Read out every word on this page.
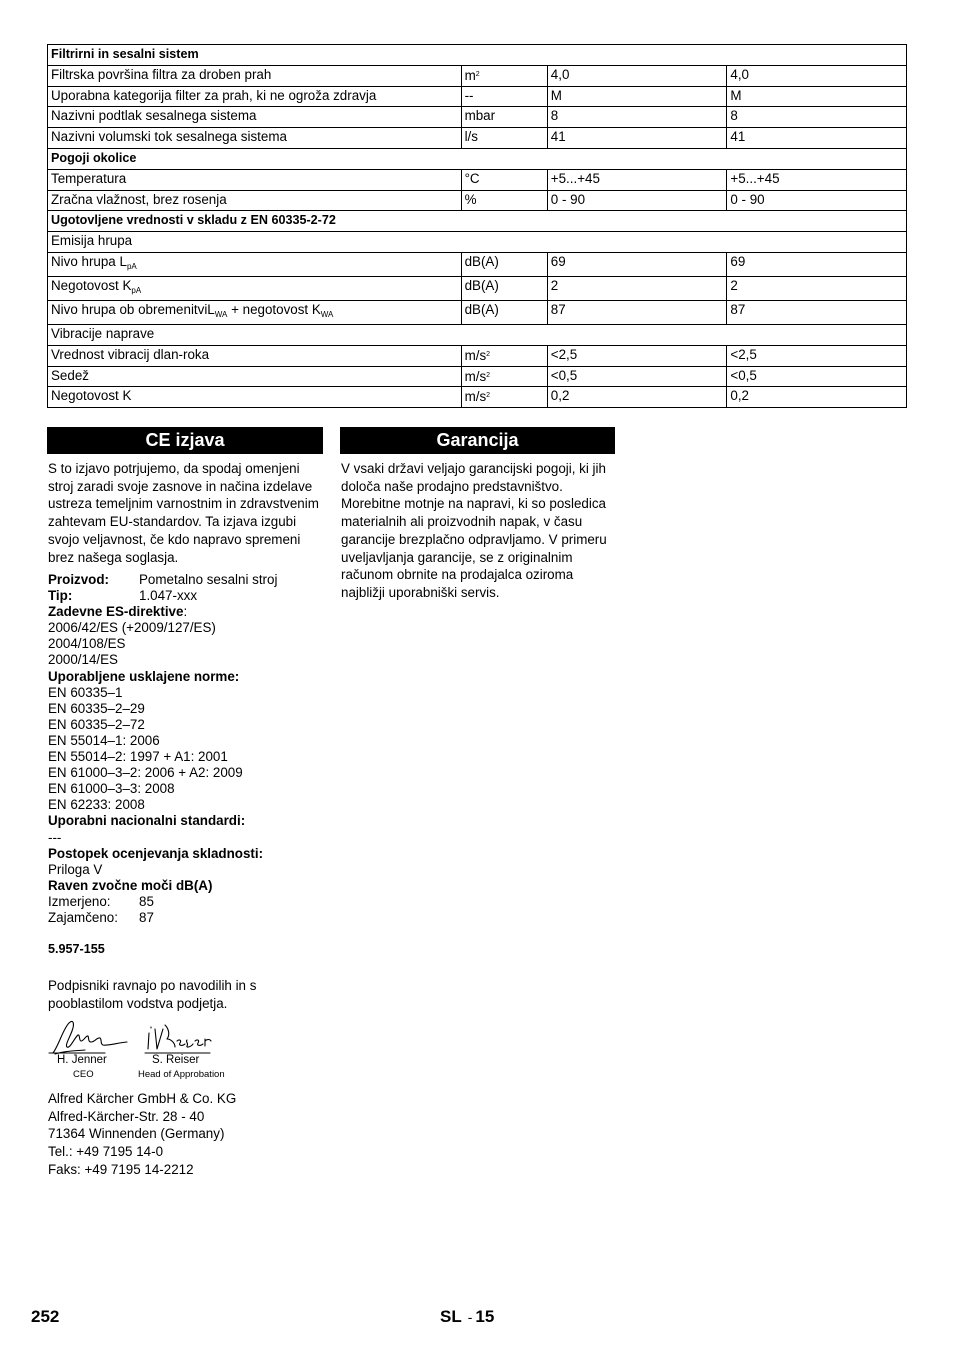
Filtrirni in sesalni sistem			
Filtrska površina filtra za droben prah	$m^2$	4,0	4,0
Uporabna kategorija filter za prah, ki ne ogroža zdravja	--	M	M
Nazivni podtlak sesalnega sistema	mbar	8	8
Nazivni volumski tok sesalnega sistema	l/s	41	41
Pogoji okolice			
Temperatura	°C	+5...+45	+5...+45
Zračna vlažnost, brez rosenja	%	0 - 90	0 - 90
Ugotovljene vrednosti v skladu z EN 60335-2-72			
Emisija hrupa			
Nivo hrupa $L_{pA}$	dB(A)	69	69
Negotovost $K_{pA}$	dB(A)	2	2
Nivo hrupa ob obremenitviL$_{WA}$ + negotovost $K_{WA}$	dB(A)	87	87
Vibracije naprave			
Vrednost vibracij dlan-roka	$m/s^2$	<2,5	<2,5
Sedež	$m/s^2$	<0,5	<0,5
Negotovost K	$m/s^2$	0,2	0,2
CE izjava	Garancija

S to izjavo potrjujemo, da spodaj omenjeni stroj zaradi svoje zasnove in načina izdelave ustreza temeljnim varnostnim in zdravstvenim zahtevam EU-standardov. Ta izjava izgubi svojo veljavnost, če kdo napravo spremeni brez našega soglasja.

V vsaki državi veljajo garancijski pogoji, ki jih določa naše prodajno predstavništvo. Morebitne motnje na napravi, ki so posledica materialnih ali proizvodnih napak, v času garancije brezplačno odpravljamo. V primeru uveljavljanja garancije, se z originalnim računom obrnite na prodajalca oziroma najbližji uporabniški servis.

Proizvod: Pometalno sesalni stroj
Tip:	1.047-xxx
Zadevne ES-direktive:
2006/42/ES (+2009/127/ES)
2004/108/ES
2000/14/ES
Uporabljene usklajene norme:
EN 60335–1
EN 60335–2–29
EN 60335–2–72
EN 55014–1: 2006
EN 55014–2: 1997 + A1: 2001
EN 61000–3–2: 2006 + A2: 2009
EN 61000–3–3: 2008
EN 62233: 2008
Uporabni nacionalni standardi:
---
Postopek ocenjevanja skladnosti:
Priloga V
Raven zvočne moči dB(A)
Izmerjeno: 85
Zajamčeno: 87
5.957-155

Podpisniki ravnajo po navodilih in s pooblastilom vodstva podjetja.

H. Jenner
CEO
S. Reiser
Head of Approbation
Alfred Kärcher GmbH & Co. KG
Alfred-Kärcher-Str. 28 - 40
71364 Winnenden (Germany)
Tel.: +49 7195 14-0
Faks: +49 7195 14-2212
252	SL - 15
